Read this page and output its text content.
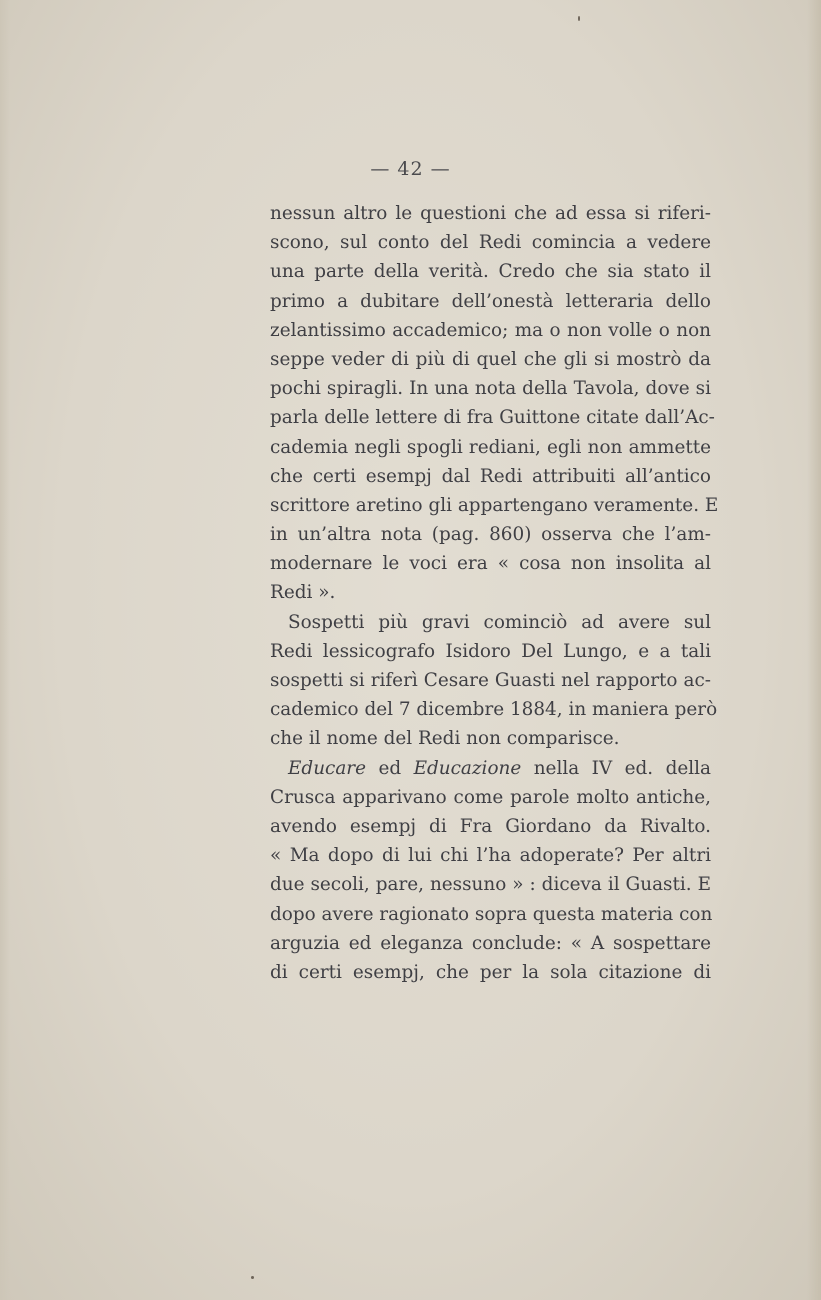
— 42 —
nessun altro le questioni che ad essa si riferi-
scono, sul conto del Redi comincia a vedere
una parte della verità. Credo che sia stato il
primo a dubitare dell’onestà letteraria dello
zelantissimo accademico; ma o non volle o non
seppe veder di più di quel che gli si mostrò da
pochi spiragli. In una nota della Tavola, dove si
parla delle lettere di fra Guittone citate dall’Ac-
cademia negli spogli rediani, egli non ammette
che certi esempj dal Redi attribuiti all’antico
scrittore aretino gli appartengano veramente. E
in un’altra nota (pag. 860) osserva che l’am-
modernare le voci era « cosa non insolita al
Redi ».
Sospetti più gravi cominciò ad avere sul
Redi lessicografo Isidoro Del Lungo, e a tali
sospetti si riferì Cesare Guasti nel rapporto ac-
cademico del 7 dicembre 1884, in maniera però
che il nome del Redi non comparisce.
Educare ed Educazione nella IV ed. della
Crusca apparivano come parole molto antiche,
avendo esempj di Fra Giordano da Rivalto.
« Ma dopo di lui chi l’ha adoperate? Per altri
due secoli, pare, nessuno » : diceva il Guasti. E
dopo avere ragionato sopra questa materia con
arguzia ed eleganza conclude: « A sospettare
di certi esempj, che per la sola citazione di
